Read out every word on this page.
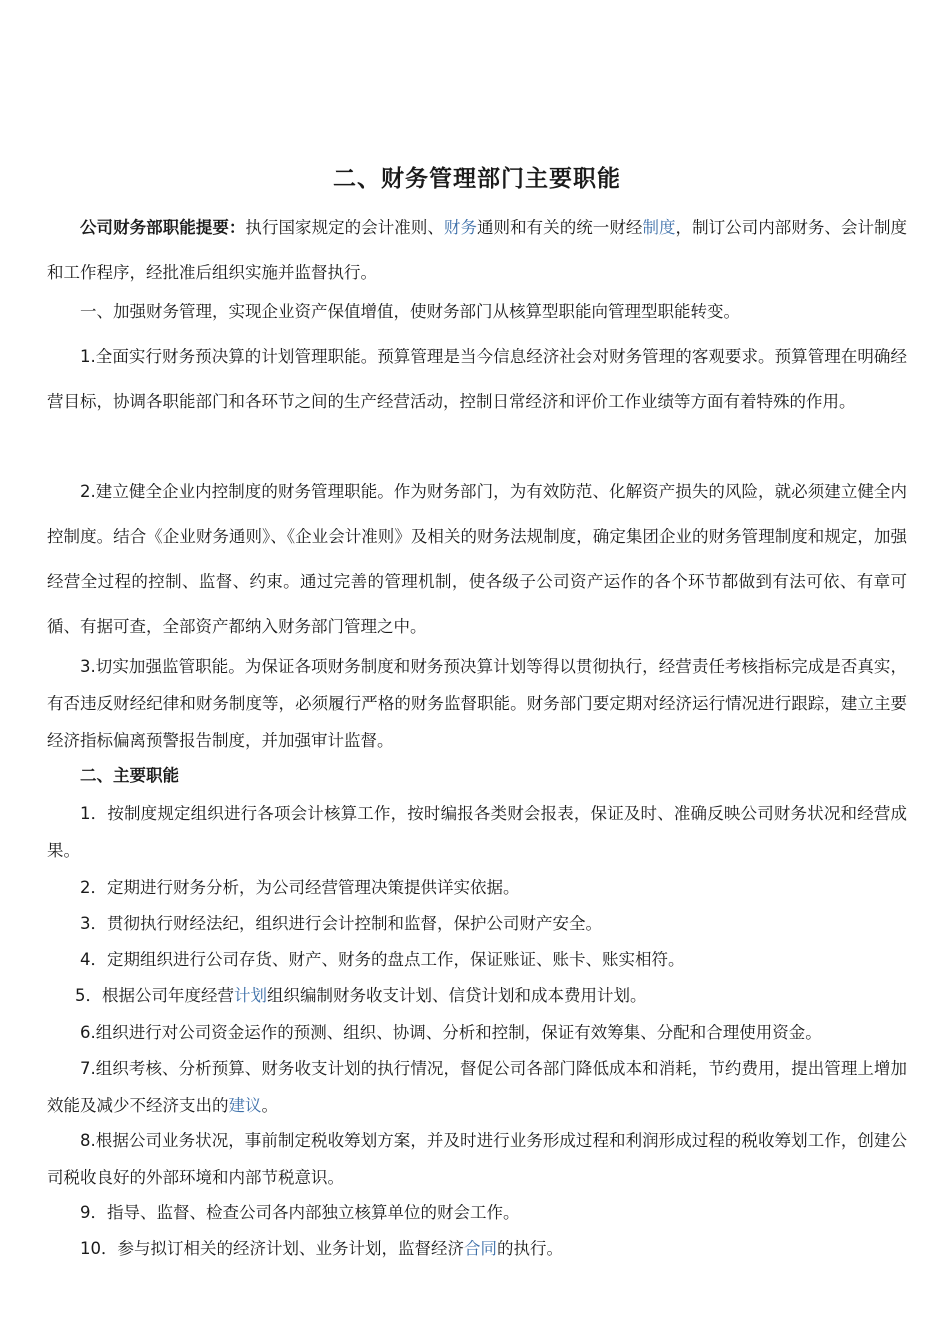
二、财务管理部门主要职能
公司财务部职能提要：执行国家规定的会计准则、财务通则和有关的统一财经制度，制订公司内部财务、会计制度和工作程序，经批准后组织实施并监督执行。
一、加强财务管理，实现企业资产保值增值，使财务部门从核算型职能向管理型职能转变。
1.全面实行财务预决算的计划管理职能。预算管理是当今信息经济社会对财务管理的客观要求。预算管理在明确经营目标，协调各职能部门和各环节之间的生产经营活动，控制日常经济和评价工作业绩等方面有着特殊的作用。
2.建立健全企业内控制度的财务管理职能。作为财务部门，为有效防范、化解资产损失的风险，就必须建立健全内控制度。结合《企业财务通则》、《企业会计准则》及相关的财务法规制度，确定集团企业的财务管理制度和规定，加强经营全过程的控制、监督、约束。通过完善的管理机制，使各级子公司资产运作的各个环节都做到有法可依、有章可循、有据可查，全部资产都纳入财务部门管理之中。
3.切实加强监管职能。为保证各项财务制度和财务预决算计划等得以贯彻执行，经营责任考核指标完成是否真实，有否违反财经纪律和财务制度等，必须履行严格的财务监督职能。财务部门要定期对经济运行情况进行跟踪，建立主要经济指标偏离预警报告制度，并加强审计监督。
二、主要职能
1．按制度规定组织进行各项会计核算工作，按时编报各类财会报表，保证及时、准确反映公司财务状况和经营成果。
2．定期进行财务分析，为公司经营管理决策提供详实依据。
3．贯彻执行财经法纪，组织进行会计控制和监督，保护公司财产安全。
4．定期组织进行公司存货、财产、财务的盘点工作，保证账证、账卡、账实相符。
5．根据公司年度经营计划组织编制财务收支计划、信贷计划和成本费用计划。
6.组织进行对公司资金运作的预测、组织、协调、分析和控制，保证有效筹集、分配和合理使用资金。
7.组织考核、分析预算、财务收支计划的执行情况，督促公司各部门降低成本和消耗，节约费用，提出管理上增加效能及减少不经济支出的建议。
8.根据公司业务状况，事前制定税收筹划方案，并及时进行业务形成过程和利润形成过程的税收筹划工作，创建公司税收良好的外部环境和内部节税意识。
9．指导、监督、检查公司各内部独立核算单位的财会工作。
10．参与拟订相关的经济计划、业务计划，监督经济合同的执行。
